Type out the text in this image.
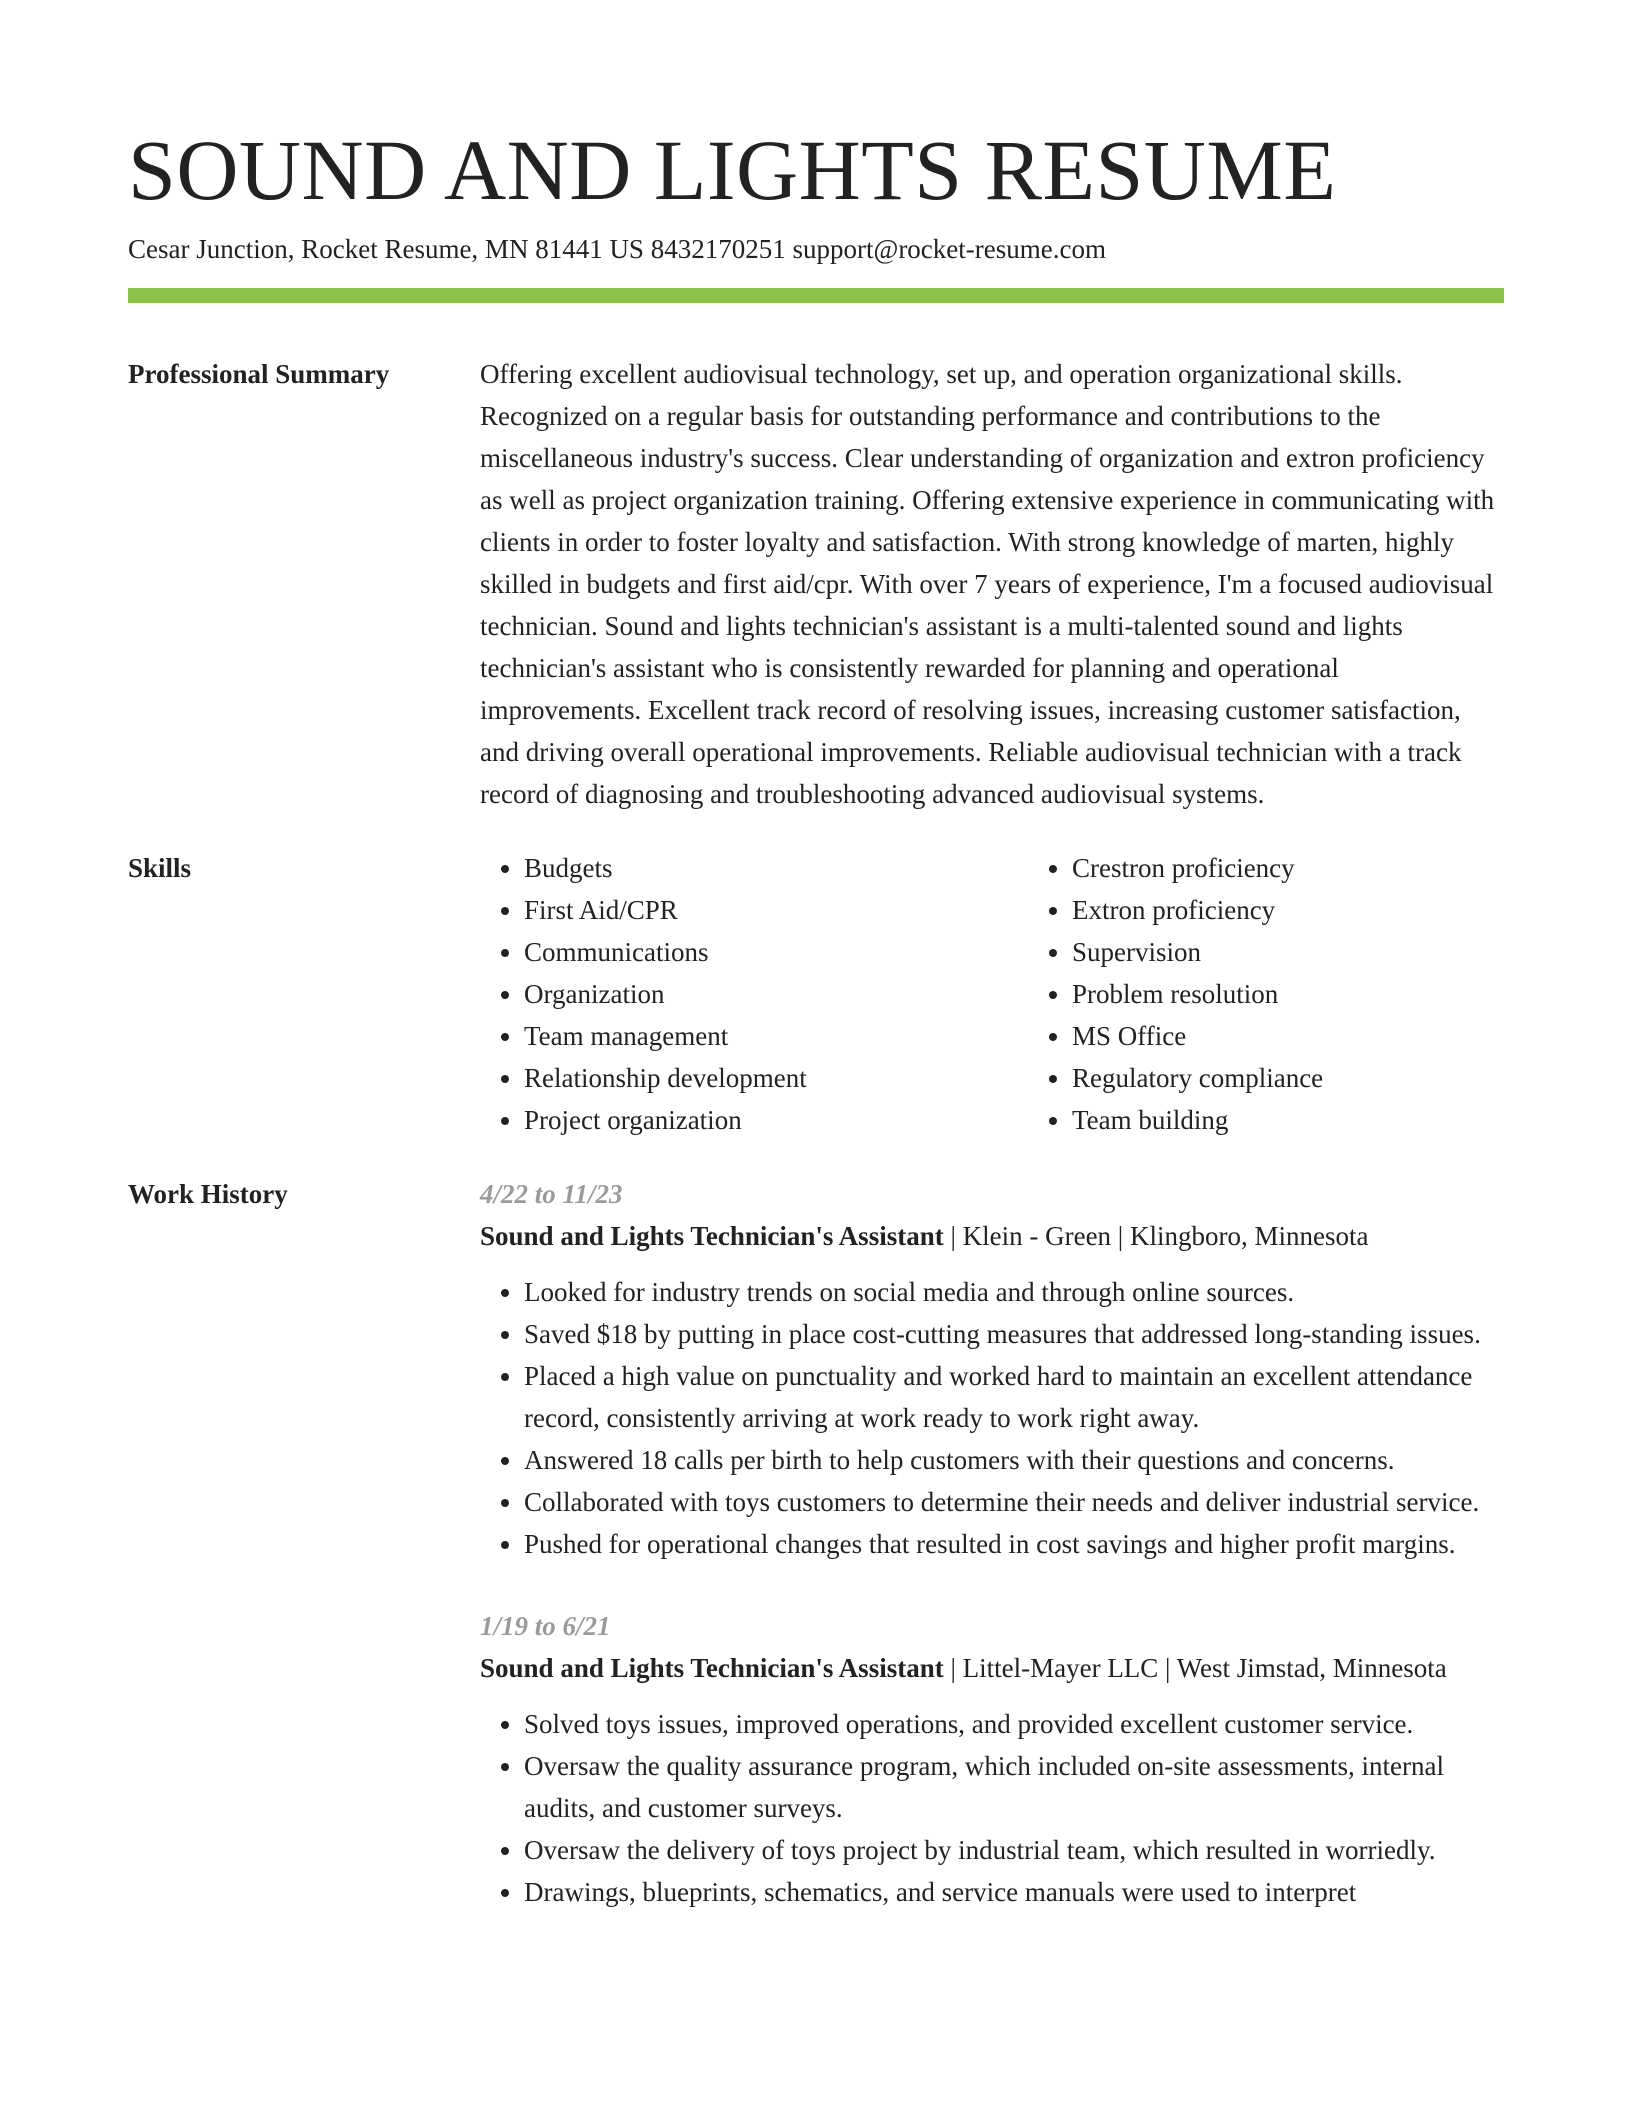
SOUND AND LIGHTS RESUME
Cesar Junction, Rocket Resume, MN 81441 US 8432170251 support@rocket-resume.com
Professional Summary	Offering excellent audiovisual technology, set up, and operation organizational skills. Recognized on a regular basis for outstanding performance and contributions to the miscellaneous industry's success. Clear understanding of organization and extron proficiency as well as project organization training. Offering extensive experience in communicating with clients in order to foster loyalty and satisfaction. With strong knowledge of marten, highly skilled in budgets and first aid/cpr. With over 7 years of experience, I'm a focused audiovisual technician. Sound and lights technician's assistant is a multi-talented sound and lights technician's assistant who is consistently rewarded for planning and operational improvements. Excellent track record of resolving issues, increasing customer satisfaction, and driving overall operational improvements. Reliable audiovisual technician with a track record of diagnosing and troubleshooting advanced audiovisual systems.

Skills
•	Budgets
• First Aid/CPR
• Communications
• Organization
• Team management
• Relationship development
• Project organization
• Crestron proficiency
• Extron proficiency
• Supervision
• Problem resolution
• MS Office
• Regulatory compliance
• Team building
Work History	4/22 to 11/23
Sound and Lights Technician's Assistant | Klein - Green | Klingboro, Minnesota
• Looked for industry trends on social media and through online sources.
• Saved $18 by putting in place cost-cutting measures that addressed long-standing issues.
• Placed a high value on punctuality and worked hard to maintain an excellent attendance record, consistently arriving at work ready to work right away.
• Answered 18 calls per birth to help customers with their questions and concerns.
• Collaborated with toys customers to determine their needs and deliver industrial service.
• Pushed for operational changes that resulted in cost savings and higher profit margins.
1/19 to 6/21
Sound and Lights Technician's Assistant | Littel-Mayer LLC | West Jimstad, Minnesota
• Solved toys issues, improved operations, and provided excellent customer service.
• Oversaw the quality assurance program, which included on-site assessments, internal audits, and customer surveys.
• Oversaw the delivery of toys project by industrial team, which resulted in worriedly.
• Drawings, blueprints, schematics, and service manuals were used to interpret
